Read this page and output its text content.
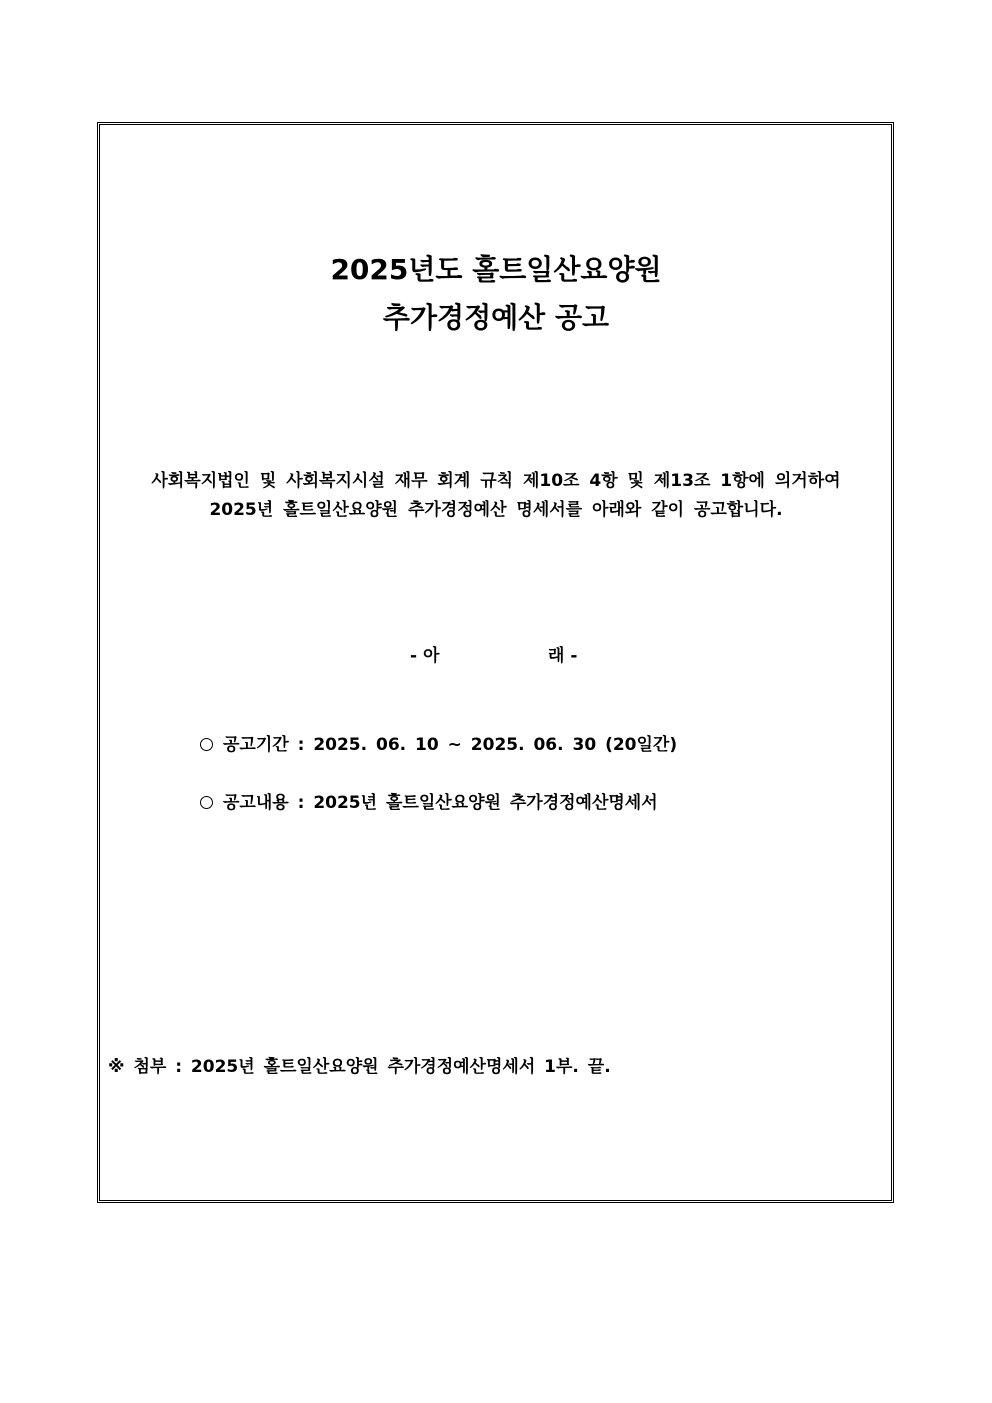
2025년도 홀트일산요양원
추가경정예산 공고
사회복지법인 및 사회복지시설 재무 회계 규칙 제10조 4항 및 제13조 1항에 의거하여
2025년 홀트일산요양원 추가경정예산 명세서를 아래와 같이 공고합니다.
- 아	래 -
공고기간 : 2025. 06. 10 ~ 2025. 06. 30 (20일간)
공고내용 : 2025년 홀트일산요양원 추가경정예산명세서
※ 첨부 : 2025년 홀트일산요양원 추가경정예산명세서 1부. 끝.
